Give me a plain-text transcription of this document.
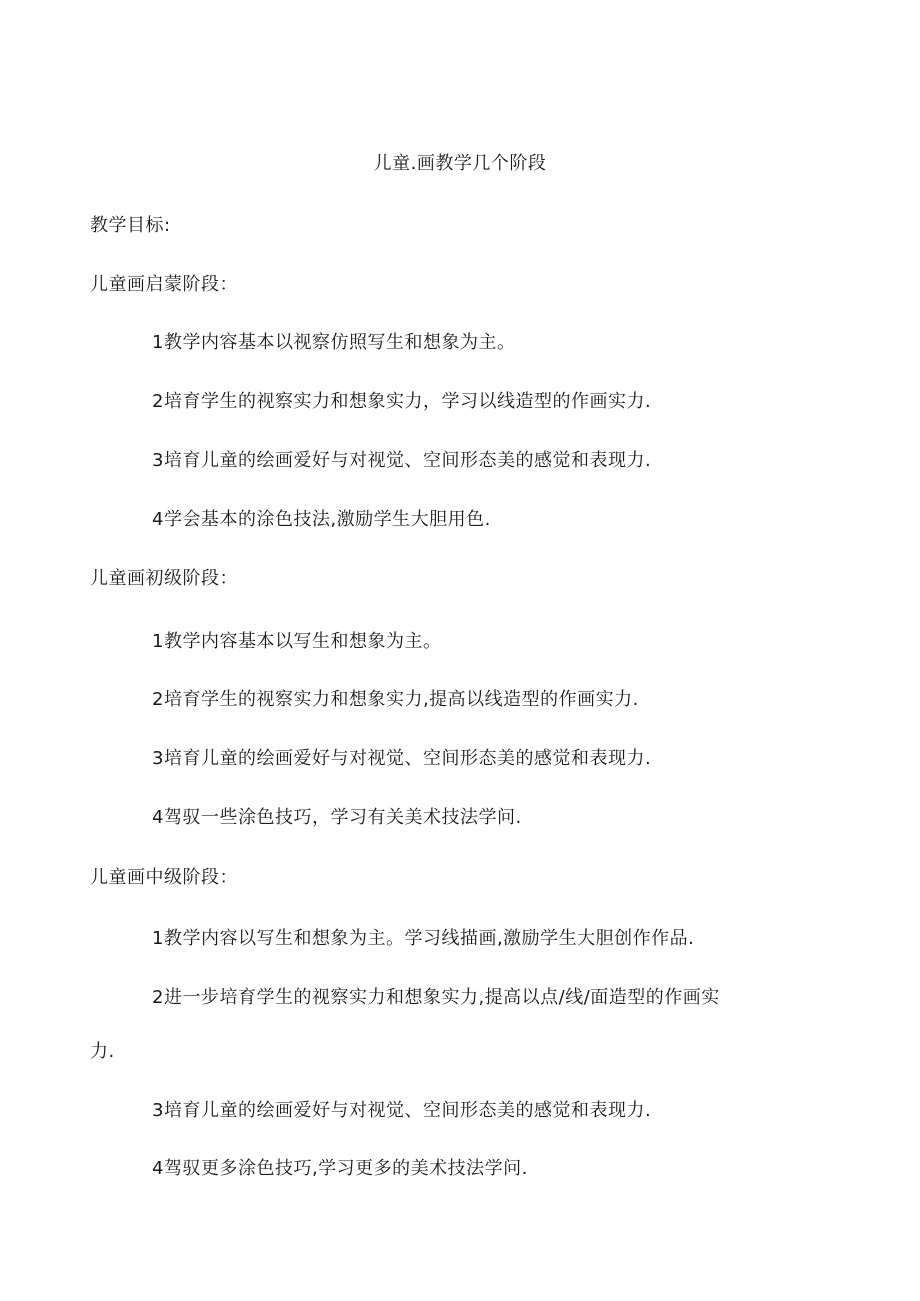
儿童.画教学几个阶段
教学目标:
儿童画启蒙阶段：
1教学内容基本以视察仿照写生和想象为主。
2培育学生的视察实力和想象实力，学习以线造型的作画实力.
3培育儿童的绘画爱好与对视觉、空间形态美的感觉和表现力.
4学会基本的涂色技法,激励学生大胆用色.
儿童画初级阶段：
1教学内容基本以写生和想象为主。
2培育学生的视察实力和想象实力,提高以线造型的作画实力.
3培育儿童的绘画爱好与对视觉、空间形态美的感觉和表现力.
4驾驭一些涂色技巧，学习有关美术技法学问.
儿童画中级阶段：
1教学内容以写生和想象为主。学习线描画,激励学生大胆创作作品.
2进一步培育学生的视察实力和想象实力,提高以点/线/面造型的作画实
力.
3培育儿童的绘画爱好与对视觉、空间形态美的感觉和表现力.
4驾驭更多涂色技巧,学习更多的美术技法学问.
